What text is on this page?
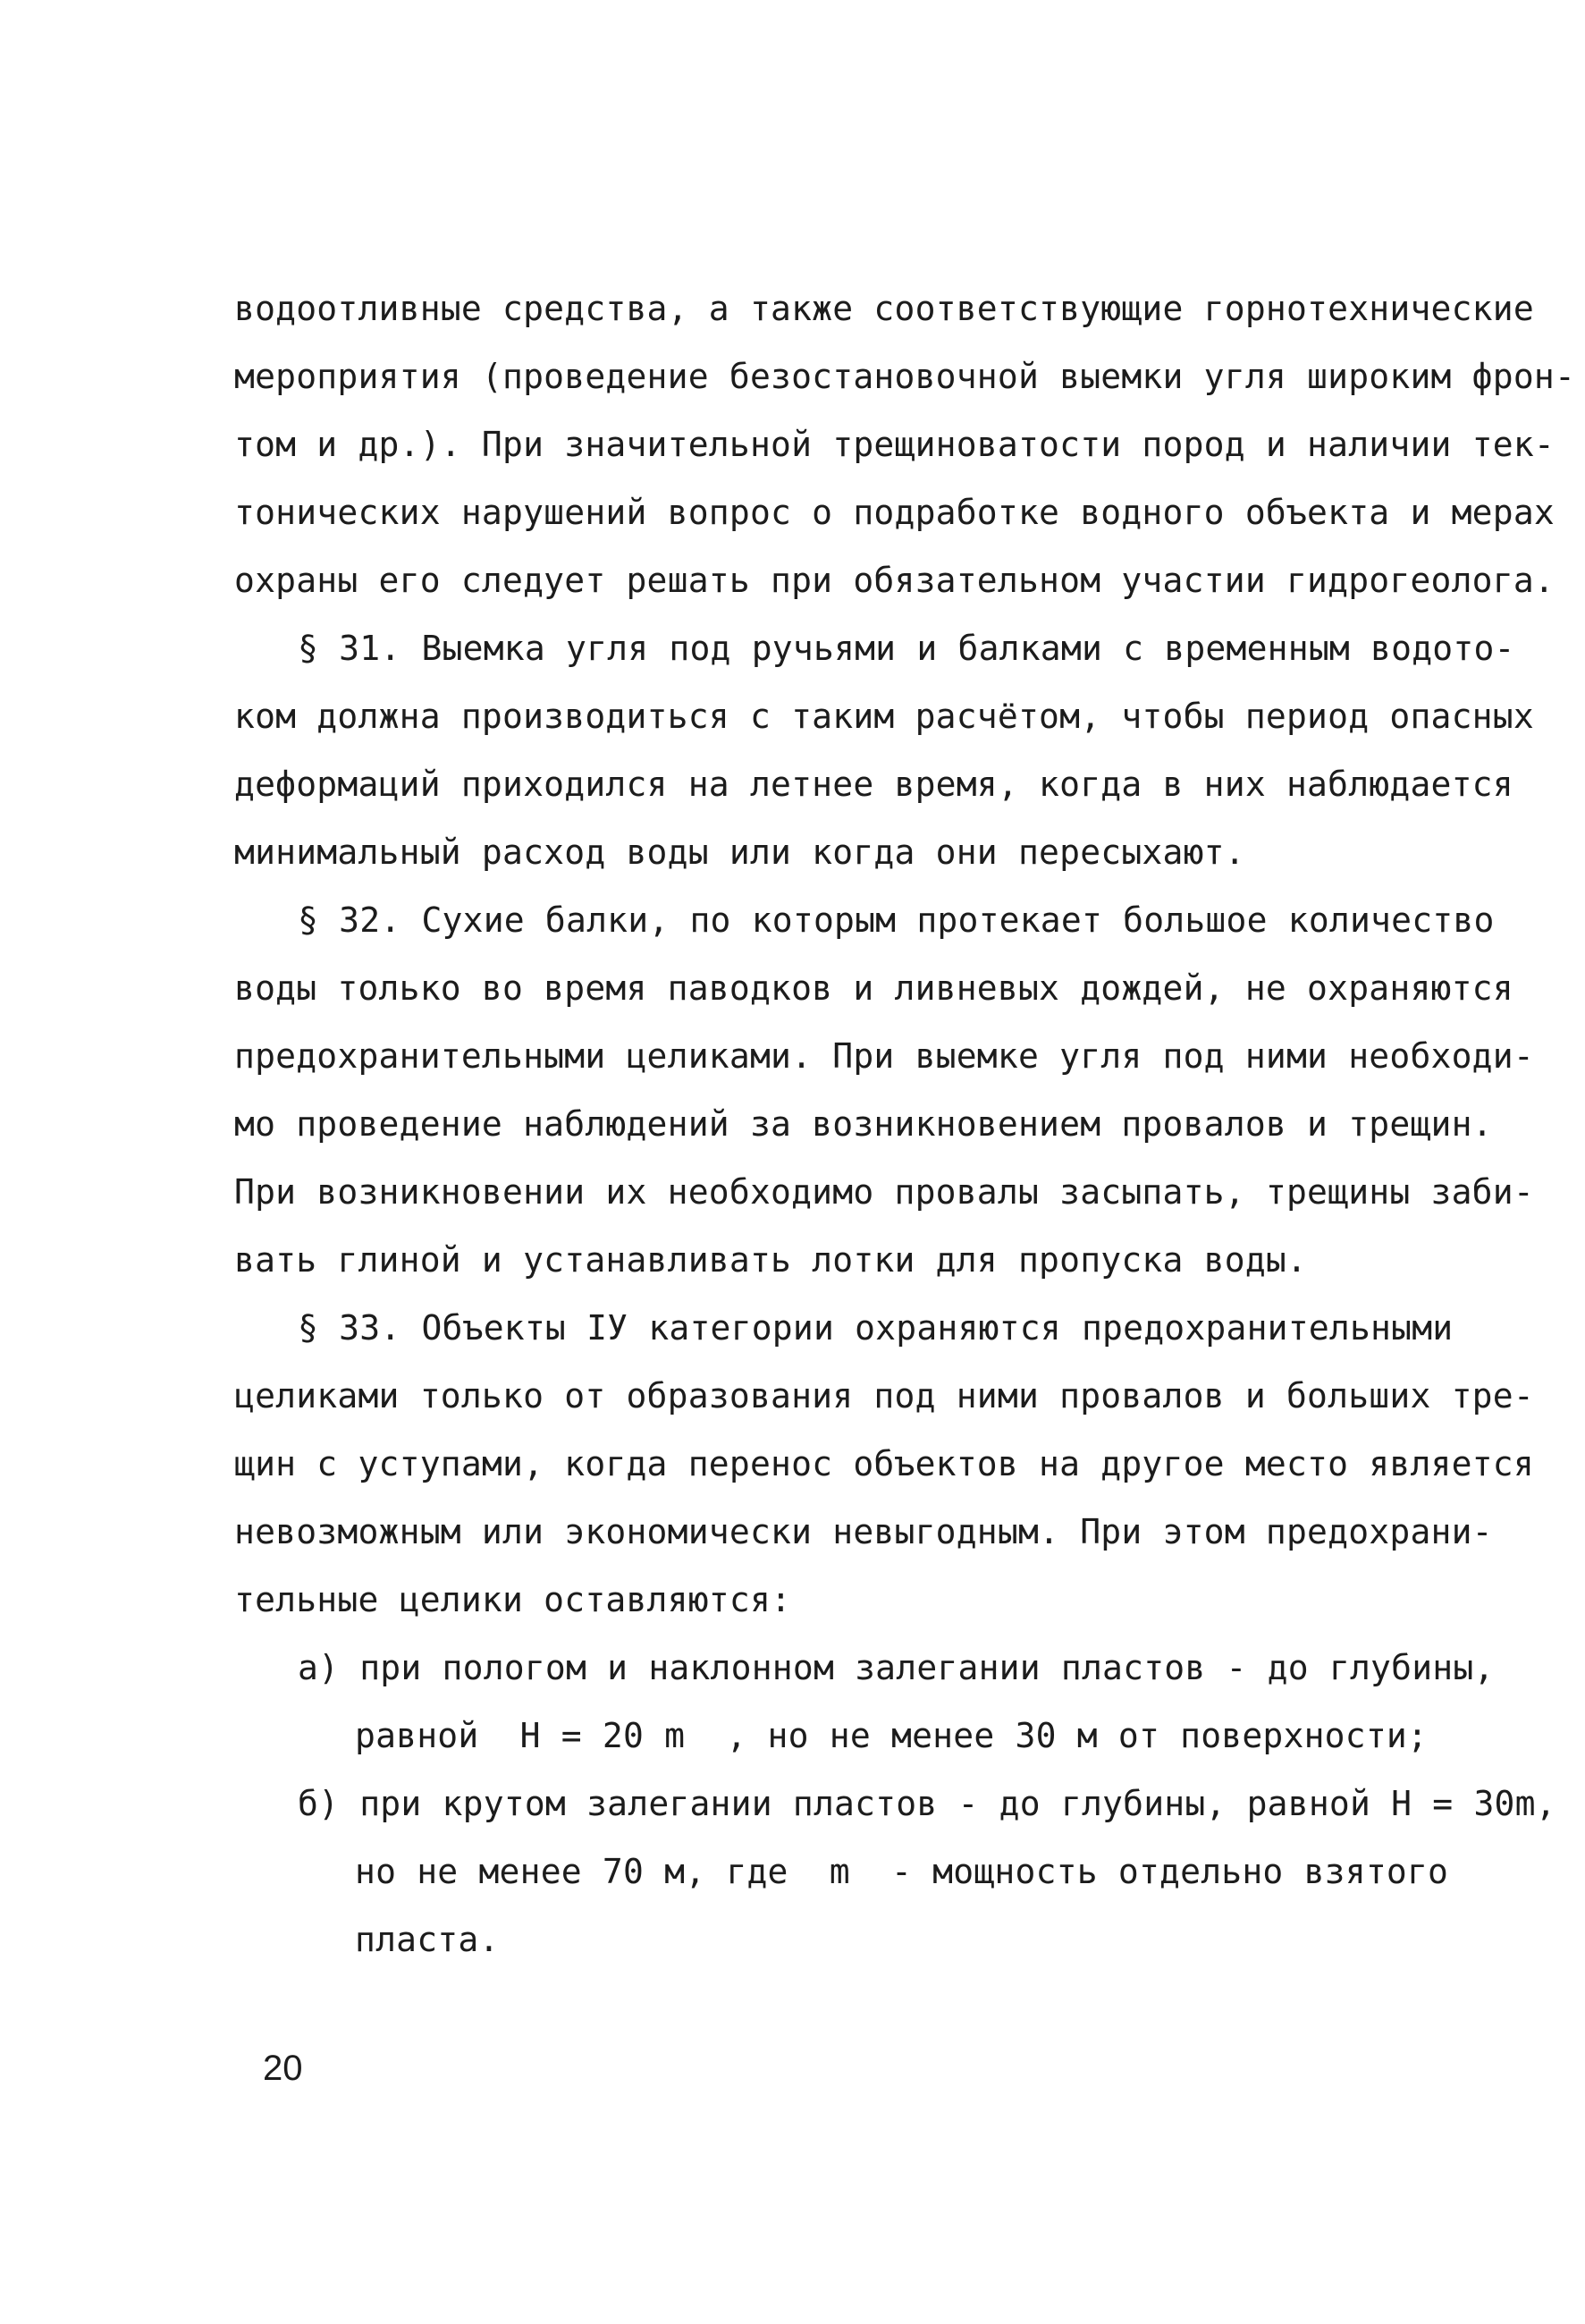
водоотливные средства, а также соответствующие горнотехнические
мероприятия (проведение безостановочной выемки угля широким фрон-
том и др.). При значительной трещиноватости пород и наличии тек-
тонических нарушений вопрос о подработке водного объекта и мерах
охраны его следует решать при обязательном участии гидрогеолога.
§ 31. Выемка угля под ручьями и балками с временным водото-
ком должна производиться с таким расчётом, чтобы период опасных
деформаций приходился на летнее время, когда в них наблюдается
минимальный расход воды или когда они пересыхают.
§ 32. Сухие балки, по которым протекает большое количество
воды только во время паводков и ливневых дождей, не охраняются
предохранительными целиками. При выемке угля под ними необходи-
мо проведение наблюдений за возникновением провалов и трещин.
При возникновении их необходимо провалы засыпать, трещины заби-
вать глиной и устанавливать лотки для пропуска воды.
§ 33. Объекты IУ категории охраняются предохранительными
целиками только от образования под ними провалов и больших тре-
щин с уступами, когда перенос объектов на другое место является
невозможным или экономически невыгодным. При этом предохрани-
тельные целики оставляются:
а) при пологом и наклонном залегании пластов - до глубины,
равной  Н = 20 m  , но не менее 30 м от поверхности;
б) при крутом залегании пластов - до глубины, равной Н = 30m,
но не менее 70 м, где  m  - мощность отдельно взятого
пласта.
20
